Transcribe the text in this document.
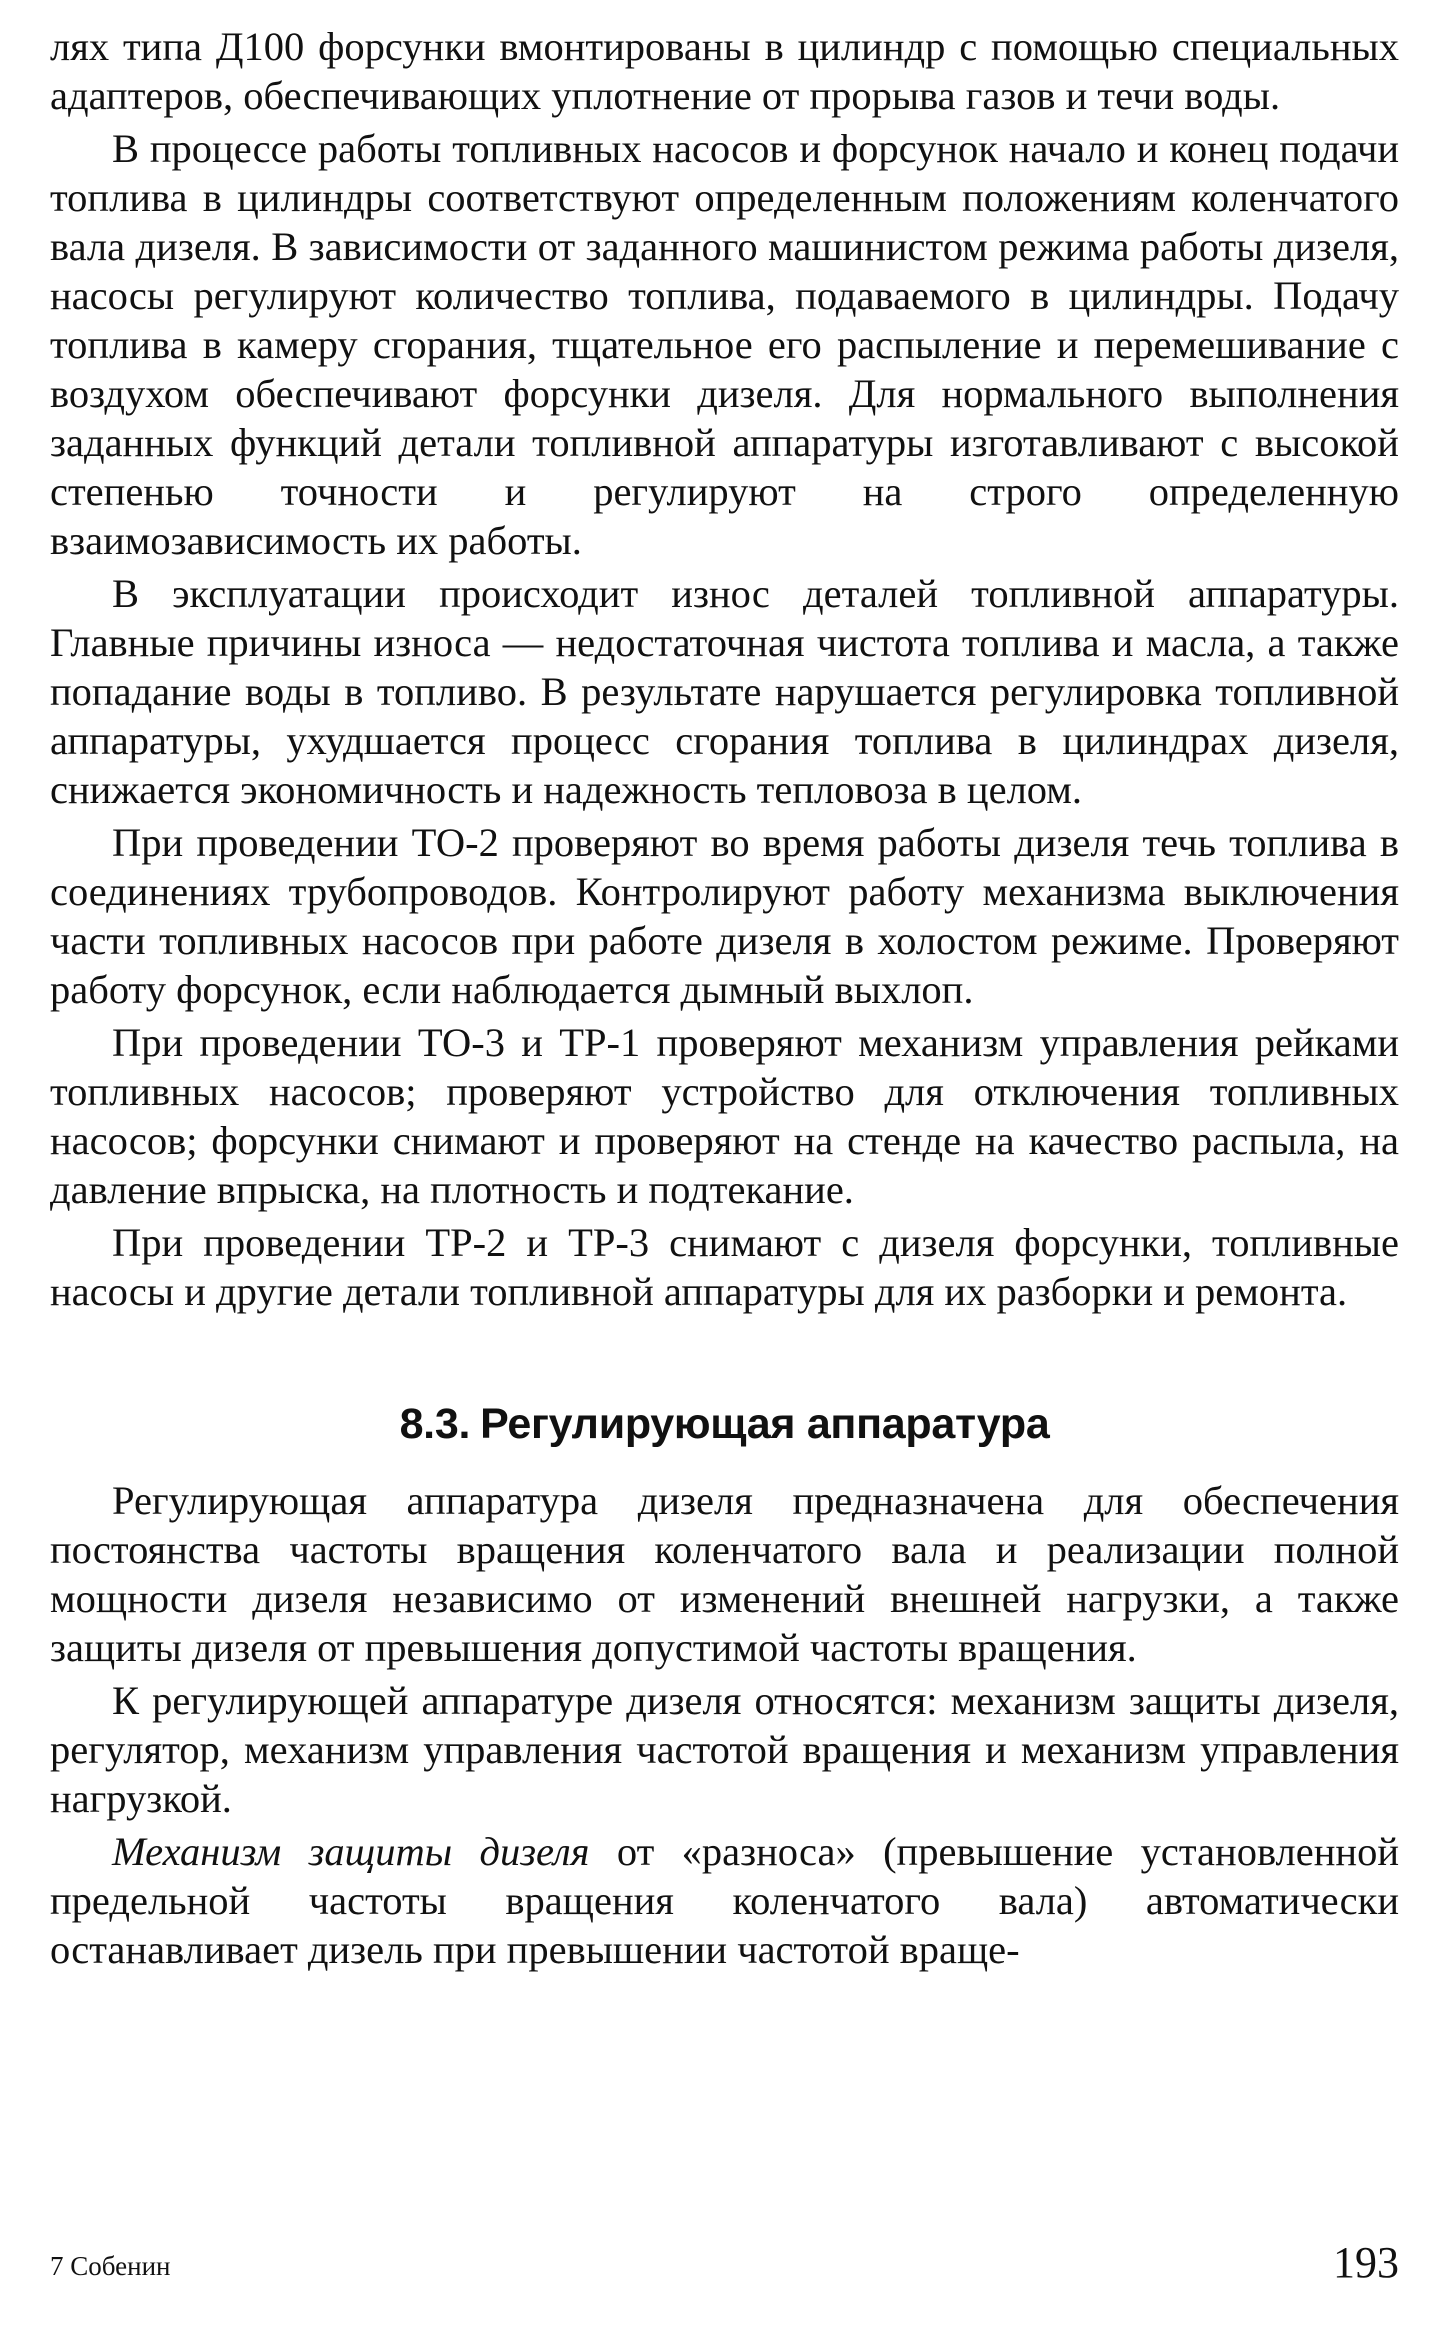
лях типа Д100 форсунки вмонтированы в цилиндр с помощью специальных адаптеров, обеспечивающих уплотнение от прорыва газов и течи воды.

В процессе работы топливных насосов и форсунок начало и конец подачи топлива в цилиндры соответствуют определенным положениям коленчатого вала дизеля. В зависимости от заданного машинистом режима работы дизеля, насосы регулируют количество топлива, подаваемого в цилиндры. Подачу топлива в камеру сгорания, тщательное его распыление и перемешивание с воздухом обеспечивают форсунки дизеля. Для нормального выполнения заданных функций детали топливной аппаратуры изготавливают с высокой степенью точности и регулируют на строго определенную взаимозависимость их работы.

В эксплуатации происходит износ деталей топливной аппаратуры. Главные причины износа — недостаточная чистота топлива и масла, а также попадание воды в топливо. В результате нарушается регулировка топливной аппаратуры, ухудшается процесс сгорания топлива в цилиндрах дизеля, снижается экономичность и надежность тепловоза в целом.

При проведении ТО-2 проверяют во время работы дизеля течь топлива в соединениях трубопроводов. Контролируют работу механизма выключения части топливных насосов при работе дизеля в холостом режиме. Проверяют работу форсунок, если наблюдается дымный выхлоп.

При проведении ТО-3 и ТР-1 проверяют механизм управления рейками топливных насосов; проверяют устройство для отключения топливных насосов; форсунки снимают и проверяют на стенде на качество распыла, на давление впрыска, на плотность и подтекание.

При проведении ТР-2 и ТР-3 снимают с дизеля форсунки, топливные насосы и другие детали топливной аппаратуры для их разборки и ремонта.

8.3. Регулирующая аппаратура

Регулирующая аппаратура дизеля предназначена для обеспечения постоянства частоты вращения коленчатого вала и реализации полной мощности дизеля независимо от изменений внешней нагрузки, а также защиты дизеля от превышения допустимой частоты вращения.

К регулирующей аппаратуре дизеля относятся: механизм защиты дизеля, регулятор, механизм управления частотой вращения и механизм управления нагрузкой.

Механизм защиты дизеля от «разноса» (превышение установленной предельной частоты вращения коленчатого вала) автоматически останавливает дизель при превышении частотой враще-

7 Собенин	193
